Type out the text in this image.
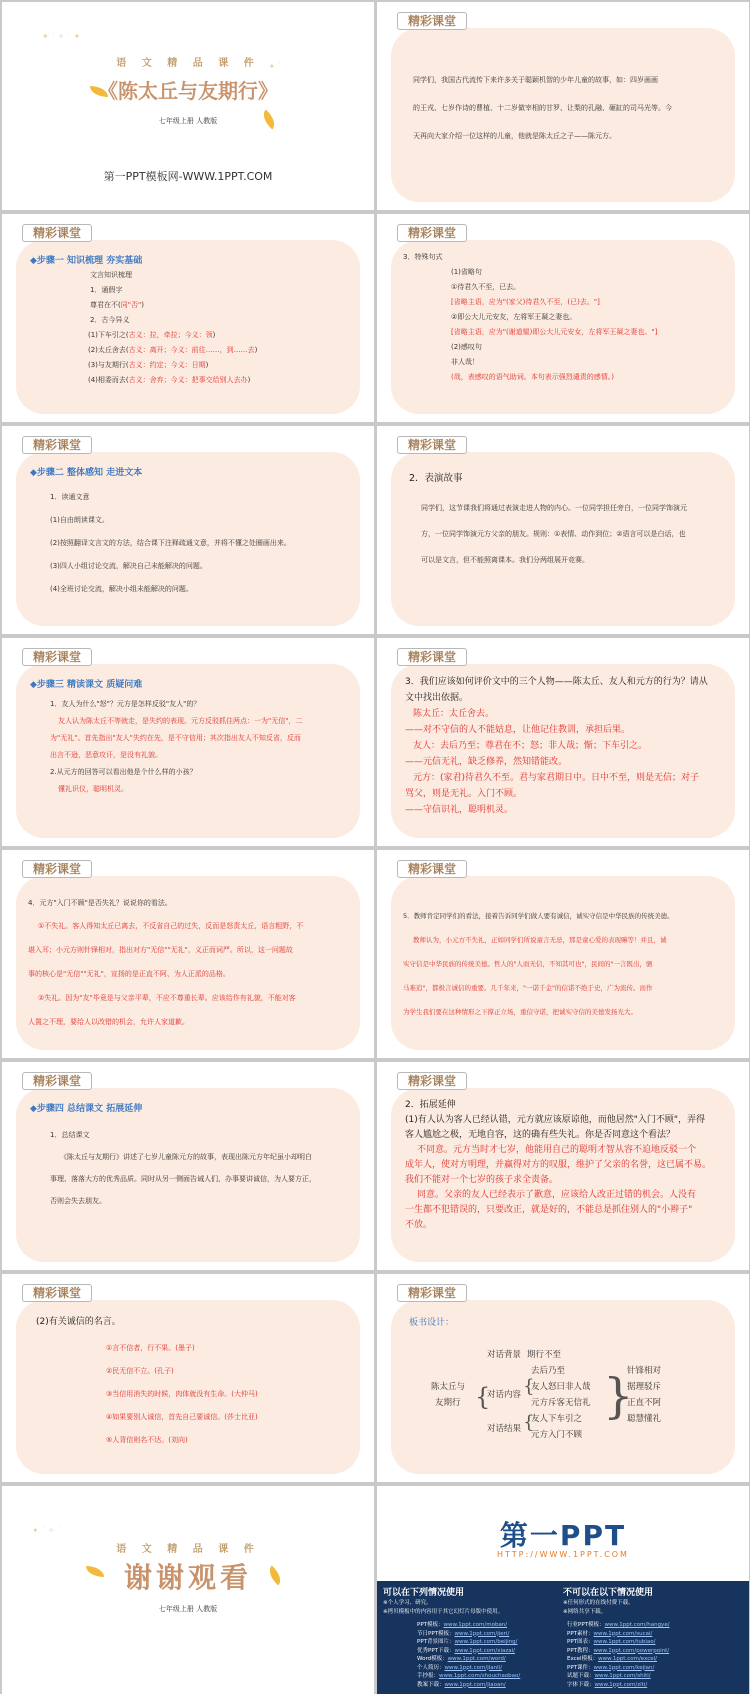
✦ ˙ ✧ ˙ ✦
˙ ✦ ˙
语 文 精 品 课 件
《陈太丘与友期行》
七年级上册 人教版
第一PPT模板网-WWW.1PPT.COM
精彩课堂
同学们，我国古代流传下来许多关于聪颖机智的少年儿童的故事，如：四岁画画
的王戎、七岁作诗的曹植、十二岁做宰相的甘罗、让梨的孔融、砸缸的司马光等。今
天再向大家介绍一位这样的儿童，他就是陈太丘之子——陈元方。
精彩课堂
◆步骤一 知识梳理 夯实基础
文言知识梳理
1．通假字
尊君在不(同"否")
2．古今异义
(1)下车引之(古义：拉，牵拉；今义：领)
(2)太丘舍去(古义：离开；今义：前往……，到……去)
(3)与友期行(古义：约定；今义：日期)
(4)相委而去(古义：舍弃；今义：把事交给别人去办)
3．特殊句式
(1)省略句
①待君久不至，已去。
[省略主语，应为"(家父)待君久不至，(已)去。"]
②即公大儿元安友，左将军王凝之妻也。
[省略主语，应为"(谢道韫)即公大儿元安女，左将军王凝之妻也。"]
(2)感叹句
非人哉！
(哉，表感叹的语气助词。本句表示强烈谴责的感情。)
精彩课堂
精彩课堂
◆步骤二 整体感知 走进文本
1．读通文意
(1)自由朗读课文。
(2)按照翻译文言文的方法，结合课下注释疏通文意，并将不懂之处圈画出来。
(3)四人小组讨论交流，解决自己未能解决的问题。
(4)全班讨论交流，解决小组未能解决的问题。
精彩课堂
2．表演故事
同学们，这节课我们将通过表演走进人物的内心。一位同学担任旁白，一位同学饰演元
方，一位同学饰演元方父亲的朋友。规则：①表情、动作到位；②语言可以是白话，也
可以是文言，但不能照离课本。我们分两组展开竞赛。
精彩课堂
◆步骤三 精读课文 质疑问难
1．友人为什么"怒"？元方是怎样反驳"友人"的？
友人认为陈太丘不等就走，是失约的表现。元方反驳抓住两点：一为"无信"，二
为"无礼"。首先指出"友人"失约在先，是不守信用；其次指出友人不知反省，反而
出言不逊，恶意攻讦，是没有礼貌。
2.从元方的回答可以看出他是个什么样的小孩？
懂礼识仪，聪明机灵。
精彩课堂
3．我们应该如何评价文中的三个人物——陈太丘、友人和元方的行为？请从
文中找出依据。
陈太丘：太丘舍去。
——对不守信的人不能姑息，让他记住教训，承担后果。
友人：去后乃至；尊君在不；怒；非人哉；惭；下车引之。
——元信无礼，缺乏修养，然知错能改。
元方：(家君)待君久不至。君与家君期日中。日中不至，则是无信；对子
骂父，则是无礼。入门不顾。
——守信识礼，聪明机灵。
精彩课堂
4．元方"入门不顾"是否失礼？说说你的看法。
①不失礼。客人得知太丘已离去，不反省自己的过失，反而是怒责太丘，语言粗野，不
堪入耳；小元方则针锋相对，指出对方"无信""无礼"，义正而词严。所以，这一问题故
事的核心是"无信""无礼"，宣扬的是正直不阿、为人正派的品格。
②失礼。因为"友"毕竟是与父亲平辈，不应不尊重长辈。应该给作有礼貌，不能对客
人置之不理，要给人以改错的机会，允许人家道歉。
精彩课堂
5．教师肯定同学们的看法，接着告诉同学们做人要有诚信，诚实守信是中华民族的传统美德。
教师认为，小元方不失礼，正如同学们所说童言无忌，那是童心爱的表现嘛等！并且，诚
实守信是中华民族的传统美德。哲人的"人而无信，不知其可也"，民间的"一言既出，驷
马难追"，都极言诚信的重要。几千年来，"一诺千金"的信诺不绝于史，广为流传。而作
为学生我们要在这种情形之下撑正立场，重信守诺，把诚实守信的美德发扬光大。
精彩课堂
◆步骤四 总结课文 拓展延伸
1．总结课文
《陈太丘与友期行》讲述了七岁儿童陈元方的故事，表现出陈元方年纪虽小却明白
事理、落落大方的优秀品质。同时从另一侧面告诫人们，办事要讲诚信，为人要方正，
否则会失去朋友。
精彩课堂
2．拓展延伸
(1)有人认为客人已经认错，元方就应该原谅他，而他居然"入门不顾"，弄得
客人尴尬之极，无地自容，这的确有些失礼。你是否同意这个看法？
不同意。元方当时才七岁，他能用自己的聪明才智从容不迫地反驳一个
成年人，使对方明理，并赢得对方的叹服，维护了父亲的名誉，这已属不易。
我们不能对一个七岁的孩子求全责备。
同意。父亲的友人已经表示了歉意，应该给人改正过错的机会。人没有
一生都不犯错误的，只要改正，就是好的，不能总是抓住别人的"小辫子"
不放。
精彩课堂
(2)有关诚信的名言。
①言不信者，行不果。(墨子)
②民无信不立。(孔子)
③当信用消失的时候，肉体就没有生命。(大仲马)
④如果要别人诚信，首先自己要诚信。(莎士比亚)
⑤人背信则名不达。(刘向)
精彩课堂
板书设计：
陈太丘与
友期行 {
对话背景 期行不至
对话内容 {
去后乃至
友人怒曰非人哉
元方斥客无信礼
对话结果 {
友人下车引之
元方入门不顾
}
针锋相对
据理驳斥
正直不阿
聪慧懂礼
✦ ˙ ✧ ˙
语 文 精 品 课 件
谢谢观看
七年级上册 人教版
第一PPT
HTTP://WWW.1PPT.COM
可以在下列情况使用
※个人学习、研究。
※拷贝模板中的内容用于其它幻灯片母版中使用。
不可以在以下情况使用
※任何形式的在线付费下载。
※网络共享下载。
PPT模板：www.1ppt.com/moban/
节日PPT模板：www.1ppt.com/jieri/
PPT背景图片：www.1ppt.com/beijing/
优秀PPT下载：www.1ppt.com/xiazai/
Word模板：www.1ppt.com/word/
个人简历：www.1ppt.com/jianli/
手抄报：www.1ppt.com/shouchaobao/
教案下载：www.1ppt.com/jiaoan/
行业PPT模板：www.1ppt.com/hangye/
PPT素材：www.1ppt.com/sucai/
PPT图表：www.1ppt.com/tubiao/
PPT教程：www.1ppt.com/powerpoint/
Excel模板：www.1ppt.com/excel/
PPT课件：www.1ppt.com/kejian/
试题下载：www.1ppt.com/shiti/
字体下载：www.1ppt.com/ziti/
